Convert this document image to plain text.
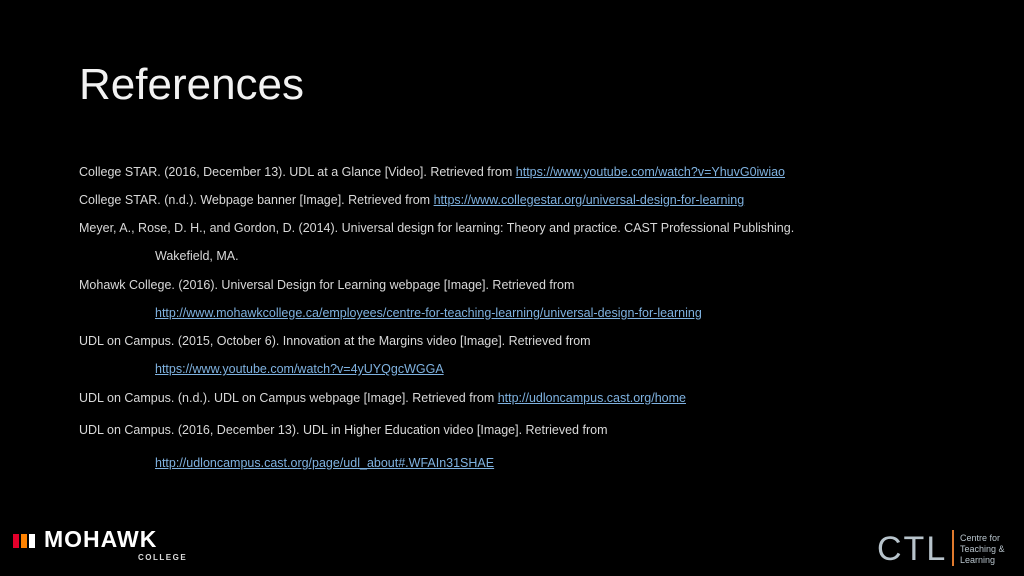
References
College STAR. (2016, December 13). UDL at a Glance [Video]. Retrieved from https://www.youtube.com/watch?v=YhuvG0iwiao
College STAR. (n.d.). Webpage banner [Image]. Retrieved from https://www.collegestar.org/universal-design-for-learning
Meyer, A., Rose, D. H., and Gordon, D. (2014). Universal design for learning: Theory and practice. CAST Professional Publishing.
Wakefield, MA.
Mohawk College. (2016). Universal Design for Learning webpage [Image]. Retrieved from
http://www.mohawkcollege.ca/employees/centre-for-teaching-learning/universal-design-for-learning
UDL on Campus. (2015, October 6). Innovation at the Margins video [Image]. Retrieved from
https://www.youtube.com/watch?v=4yUYQgcWGGA
UDL on Campus. (n.d.). UDL on Campus webpage [Image]. Retrieved from http://udloncampus.cast.org/home
UDL on Campus. (2016, December 13). UDL in Higher Education video [Image]. Retrieved from
http://udloncampus.cast.org/page/udl_about#.WFAIn31SHAE
MOHAWK
COLLEGE	CTL Centre for
Teaching &
Learning
